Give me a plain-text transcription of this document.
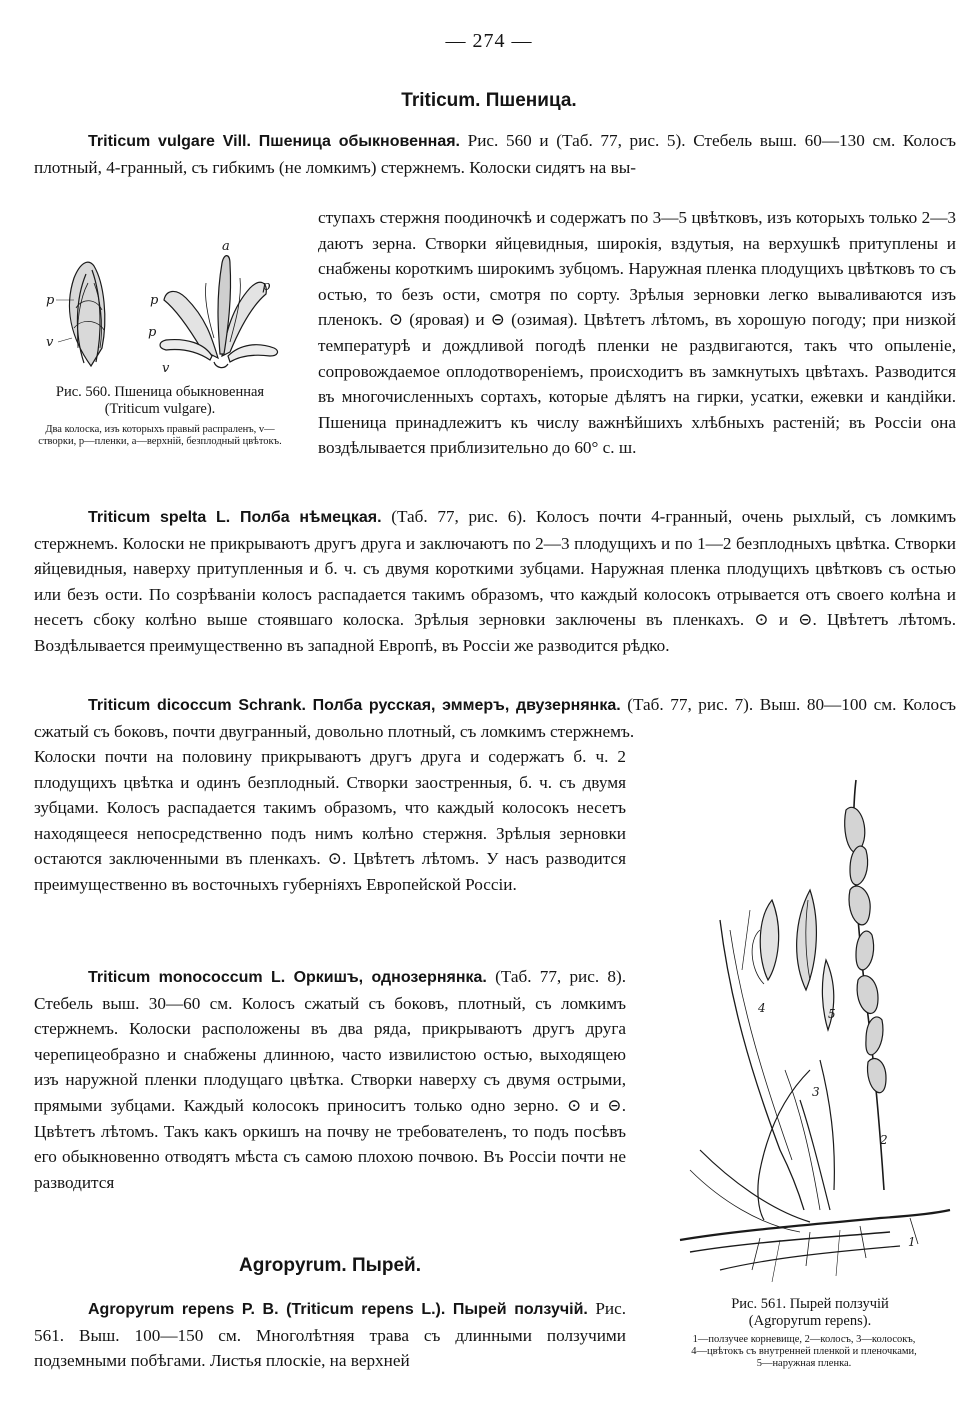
— 274 —
Triticum. Пшеница.
Triticum vulgare Vill. Пшеница обыкновенная. Рис. 560 и (Таб. 77, рис. 5). Стебель выш. 60—130 см. Колосъ плотный, 4-гранный, съ гибкимъ (не ломкимъ) стержнемъ. Колоски сидятъ на вы-
ступахъ стержня поодиночкѣ и содержатъ по 3—5 цвѣтковъ, изъ которыхъ только 2—3 даютъ зерна. Створки яйцевидныя, широкія, вздутыя, на верхушкѣ притуплены и снабжены короткимъ широкимъ зубцомъ. Наружная пленка плодущихъ цвѣтковъ то съ остью, то безъ ости, смотря по сорту. Зрѣлыя зерновки легко вываливаются изъ пленокъ. ⊙ (яровая) и ⊝ (озимая). Цвѣтетъ лѣтомъ, въ хорошую погоду; при низкой температурѣ и дождливой погодѣ пленки не раздвигаются, такъ что опыленіе, сопровождаемое оплодотвореніемъ, происходитъ въ замкнутыхъ цвѣтахъ. Разводится въ многочисленныхъ сортахъ, которые дѣлятъ на гирки, усатки, ежевки и кандійки. Пшеница принадлежитъ къ числу важнѣйшихъ хлѣбныхъ растеній; въ Россіи она воздѣлывается приблизительно до 60° с. ш.
p
v
p
a
p
p
v
Рис. 560. Пшеница обыкновенная
(Triticum vulgare).
Два колоска, изъ которыхъ правый распраленъ, v—створки, p—пленки, a—верхній, безплодный цвѣтокъ.
Triticum spelta L. Полба нѣмецкая. (Таб. 77, рис. 6). Колосъ почти 4-гранный, очень рыхлый, съ ломкимъ стержнемъ. Колоски не прикрываютъ другъ друга и заключаютъ по 2—3 плодущихъ и по 1—2 безплодныхъ цвѣтка. Створки яйцевидныя, наверху притупленныя и б. ч. съ двумя короткими зубцами. Наружная пленка плодущихъ цвѣтковъ съ остью или безъ ости. По созрѣваніи колосъ распадается такимъ образомъ, что каждый колосокъ отрывается отъ своего колѣна и несетъ сбоку колѣно выше стоявшаго колоска. Зрѣлыя зерновки заключены въ пленкахъ. ⊙ и ⊝. Цвѣтетъ лѣтомъ. Воздѣлывается преимущественно въ западной Европѣ, въ Россіи же разводится рѣдко.
Triticum dicoccum Schrank. Полба русская, эммеръ, двузернянка. (Таб. 77, рис. 7). Выш. 80—100 см. Колосъ сжатый съ боковъ, почти двугранный, довольно плотный, съ ломкимъ стержнемъ.
Колоски почти на половину прикрываютъ другъ друга и содержатъ б. ч. 2 плодущихъ цвѣтка и одинъ безплодный. Створки заостренныя, б. ч. съ двумя зубцами. Колосъ распадается такимъ образомъ, что каждый колосокъ несетъ находящееся непосредственно подъ нимъ колѣно стержня. Зрѣлыя зерновки остаются заключенными въ пленкахъ. ⊙. Цвѣтетъ лѣтомъ. У насъ разводится преимущественно въ восточныхъ губерніяхъ Европейской Россіи.
Triticum monococcum L. Оркишъ, однозернянка. (Таб. 77, рис. 8). Стебель выш. 30—60 см. Колосъ сжатый съ боковъ, плотный, съ ломкимъ стержнемъ. Колоски расположены въ два ряда, прикрываютъ другъ друга черепицеобразно и снабжены длинною, часто извилистою остью, выходящею изъ наружной пленки плодущаго цвѣтка. Створки наверху съ двумя острыми, прямыми зубцами. Каждый колосокъ приноситъ только одно зерно. ⊙ и ⊝. Цвѣтетъ лѣтомъ. Такъ какъ оркишъ на почву не требователенъ, то подъ посѣвъ его обыкновенно отводятъ мѣста съ самою плохою почвою. Въ Россіи почти не разводится
Agropyrum. Пырей.
Agropyrum repens P. B. (Triticum repens L.). Пырей ползучій. Рис. 561. Выш. 100—150 см. Многолѣтняя трава съ длинными ползучими подземными побѣгами. Листья плоскіе, на верхней
1
2
3
4	5
Рис. 561. Пырей ползучій
(Agropyrum repens).
1—ползучее корневище, 2—колосъ, 3—колосокъ,
4—цвѣтокъ съ внутренней пленкой и пленочками,
5—наружная пленка.
